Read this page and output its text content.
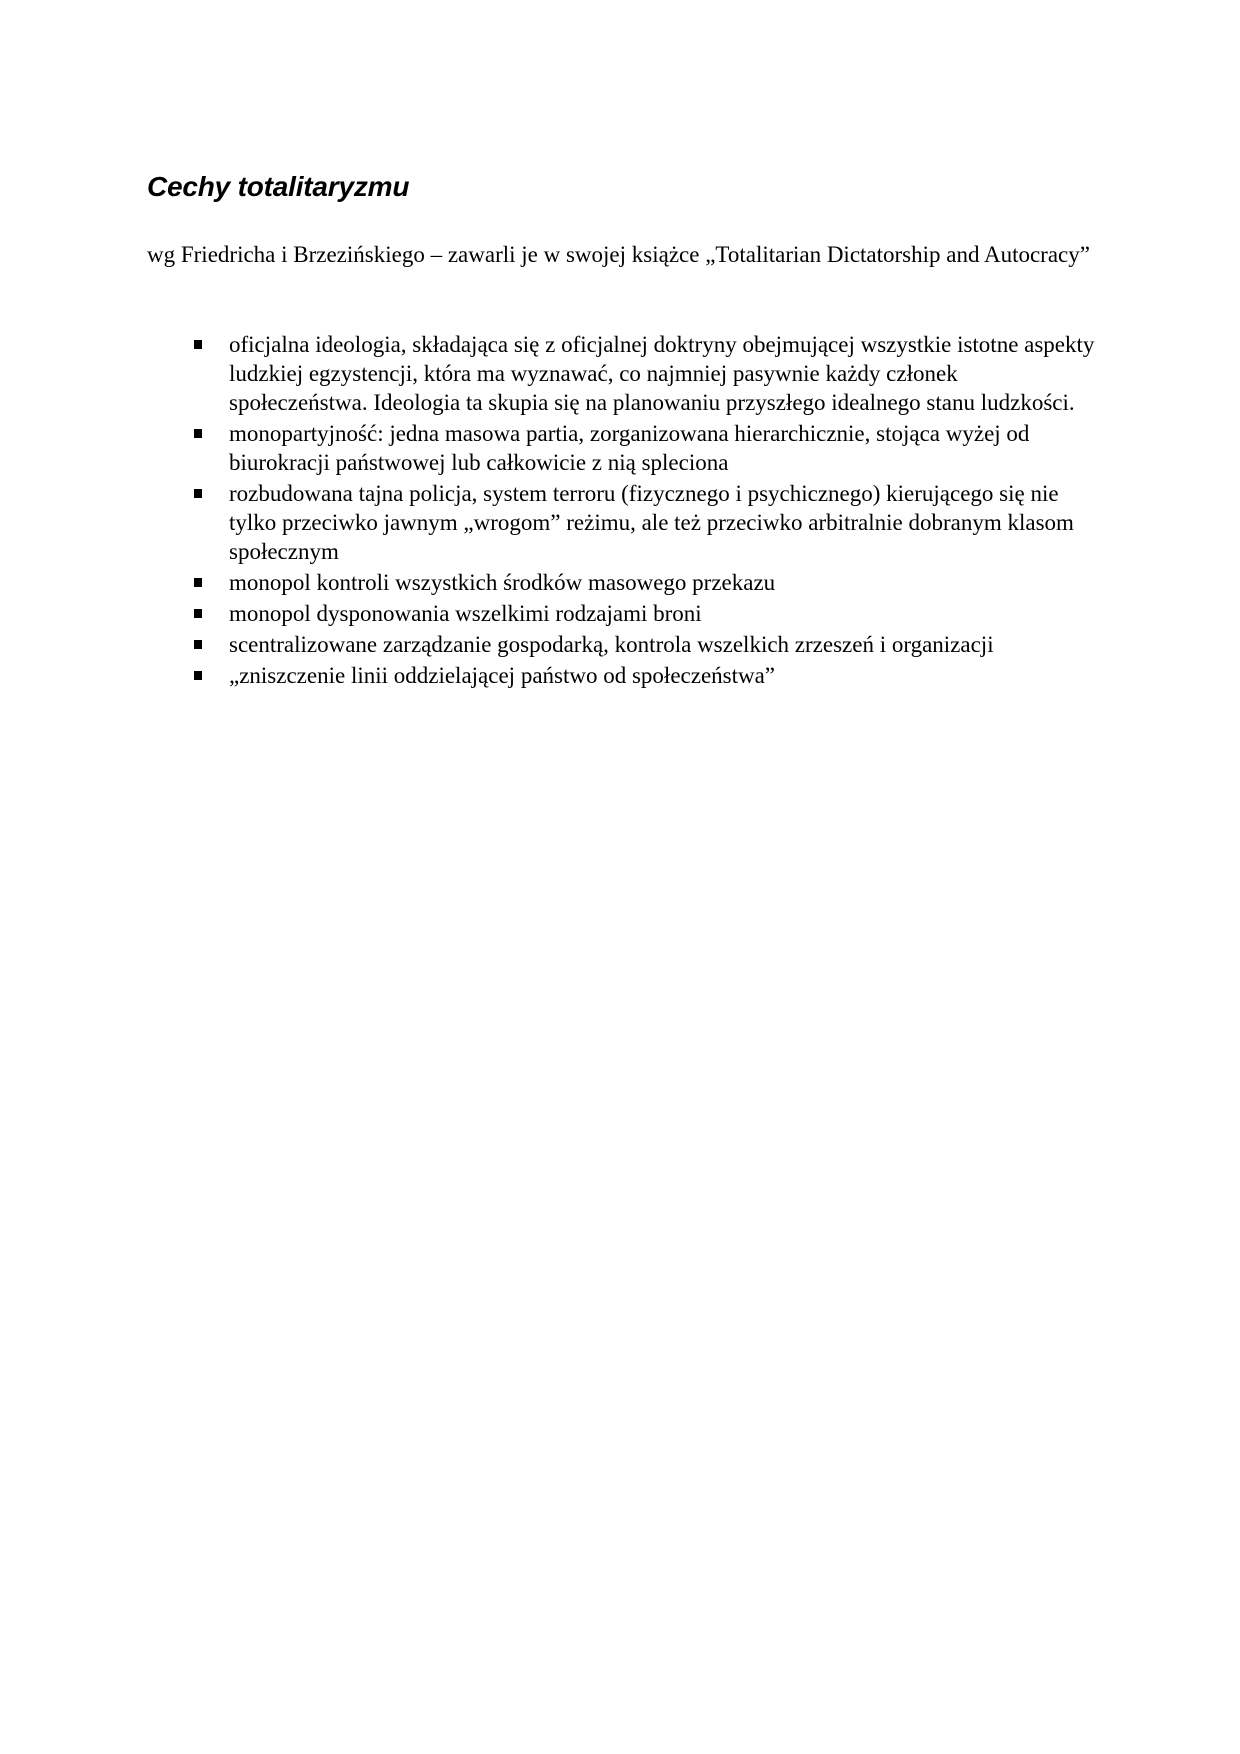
Cechy totalitaryzmu

wg Friedricha i Brzezińskiego – zawarli je w swojej książce „Totalitarian Dictatorship and Autocracy”

oficjalna ideologia, składająca się z oficjalnej doktryny obejmującej wszystkie istotne aspekty ludzkiej egzystencji, która ma wyznawać, co najmniej pasywnie każdy członek społeczeństwa. Ideologia ta skupia się na planowaniu przyszłego idealnego stanu ludzkości.
monopartyjność: jedna masowa partia, zorganizowana hierarchicznie, stojąca wyżej od biurokracji państwowej lub całkowicie z nią spleciona
rozbudowana tajna policja, system terroru (fizycznego i psychicznego) kierującego się nie tylko przeciwko jawnym „wrogom” reżimu, ale też przeciwko arbitralnie dobranym klasom społecznym
monopol kontroli wszystkich środków masowego przekazu
monopol dysponowania wszelkimi rodzajami broni
scentralizowane zarządzanie gospodarką, kontrola wszelkich zrzeszeń i organizacji
„zniszczenie linii oddzielającej państwo od społeczeństwa”
